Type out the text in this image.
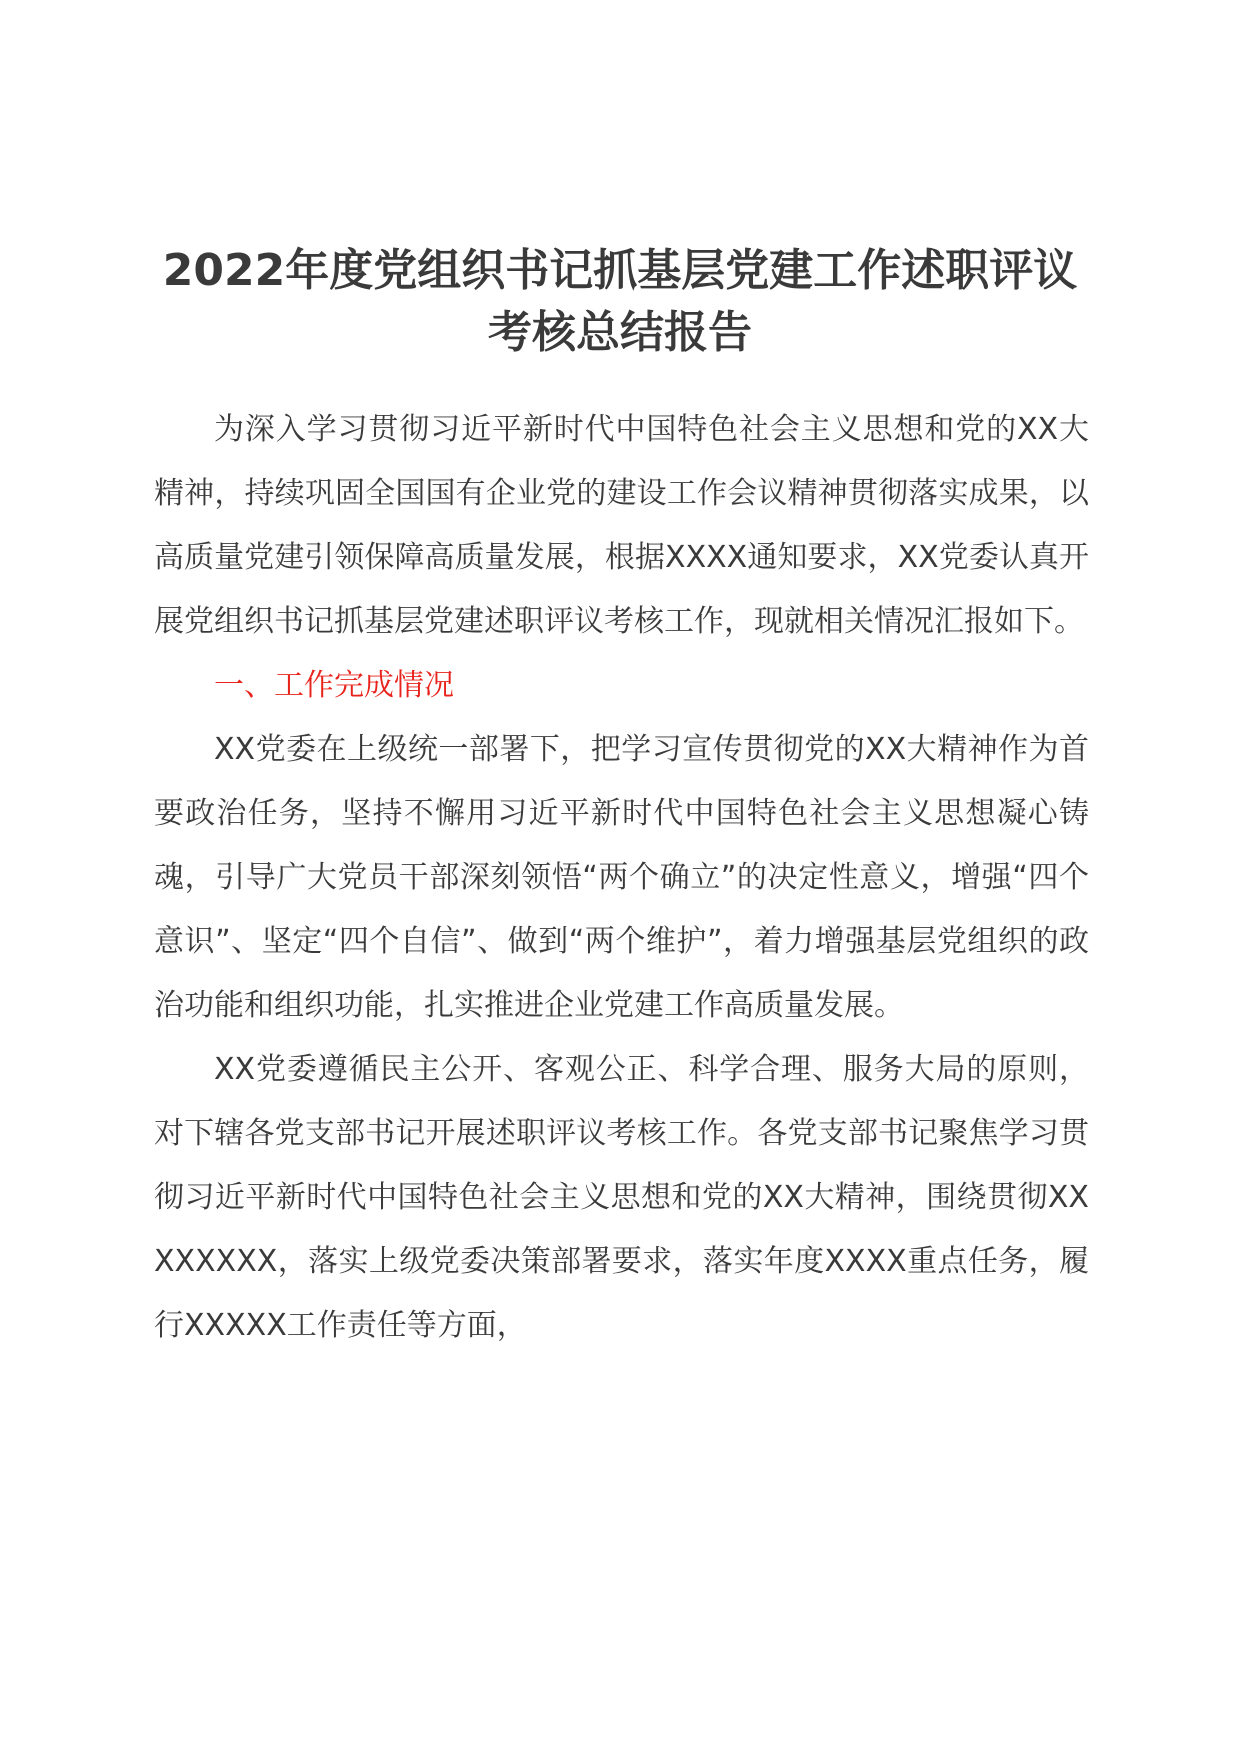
2022年度党组织书记抓基层党建工作述职评议考核总结报告

为深入学习贯彻习近平新时代中国特色社会主义思想和党的XX大精神，持续巩固全国国有企业党的建设工作会议精神贯彻落实成果，以高质量党建引领保障高质量发展，根据XXXX通知要求，XX党委认真开展党组织书记抓基层党建述职评议考核工作，现就相关情况汇报如下。

一、工作完成情况

XX党委在上级统一部署下，把学习宣传贯彻党的XX大精神作为首要政治任务，坚持不懈用习近平新时代中国特色社会主义思想凝心铸魂，引导广大党员干部深刻领悟“两个确立”的决定性意义，增强“四个意识”、坚定“四个自信”、做到“两个维护”，着力增强基层党组织的政治功能和组织功能，扎实推进企业党建工作高质量发展。

XX党委遵循民主公开、客观公正、科学合理、服务大局的原则，对下辖各党支部书记开展述职评议考核工作。各党支部书记聚焦学习贯彻习近平新时代中国特色社会主义思想和党的XX大精神，围绕贯彻XXXXXXXX，落实上级党委决策部署要求，落实年度XXXX重点任务，履行XXXXX工作责任等方面，
